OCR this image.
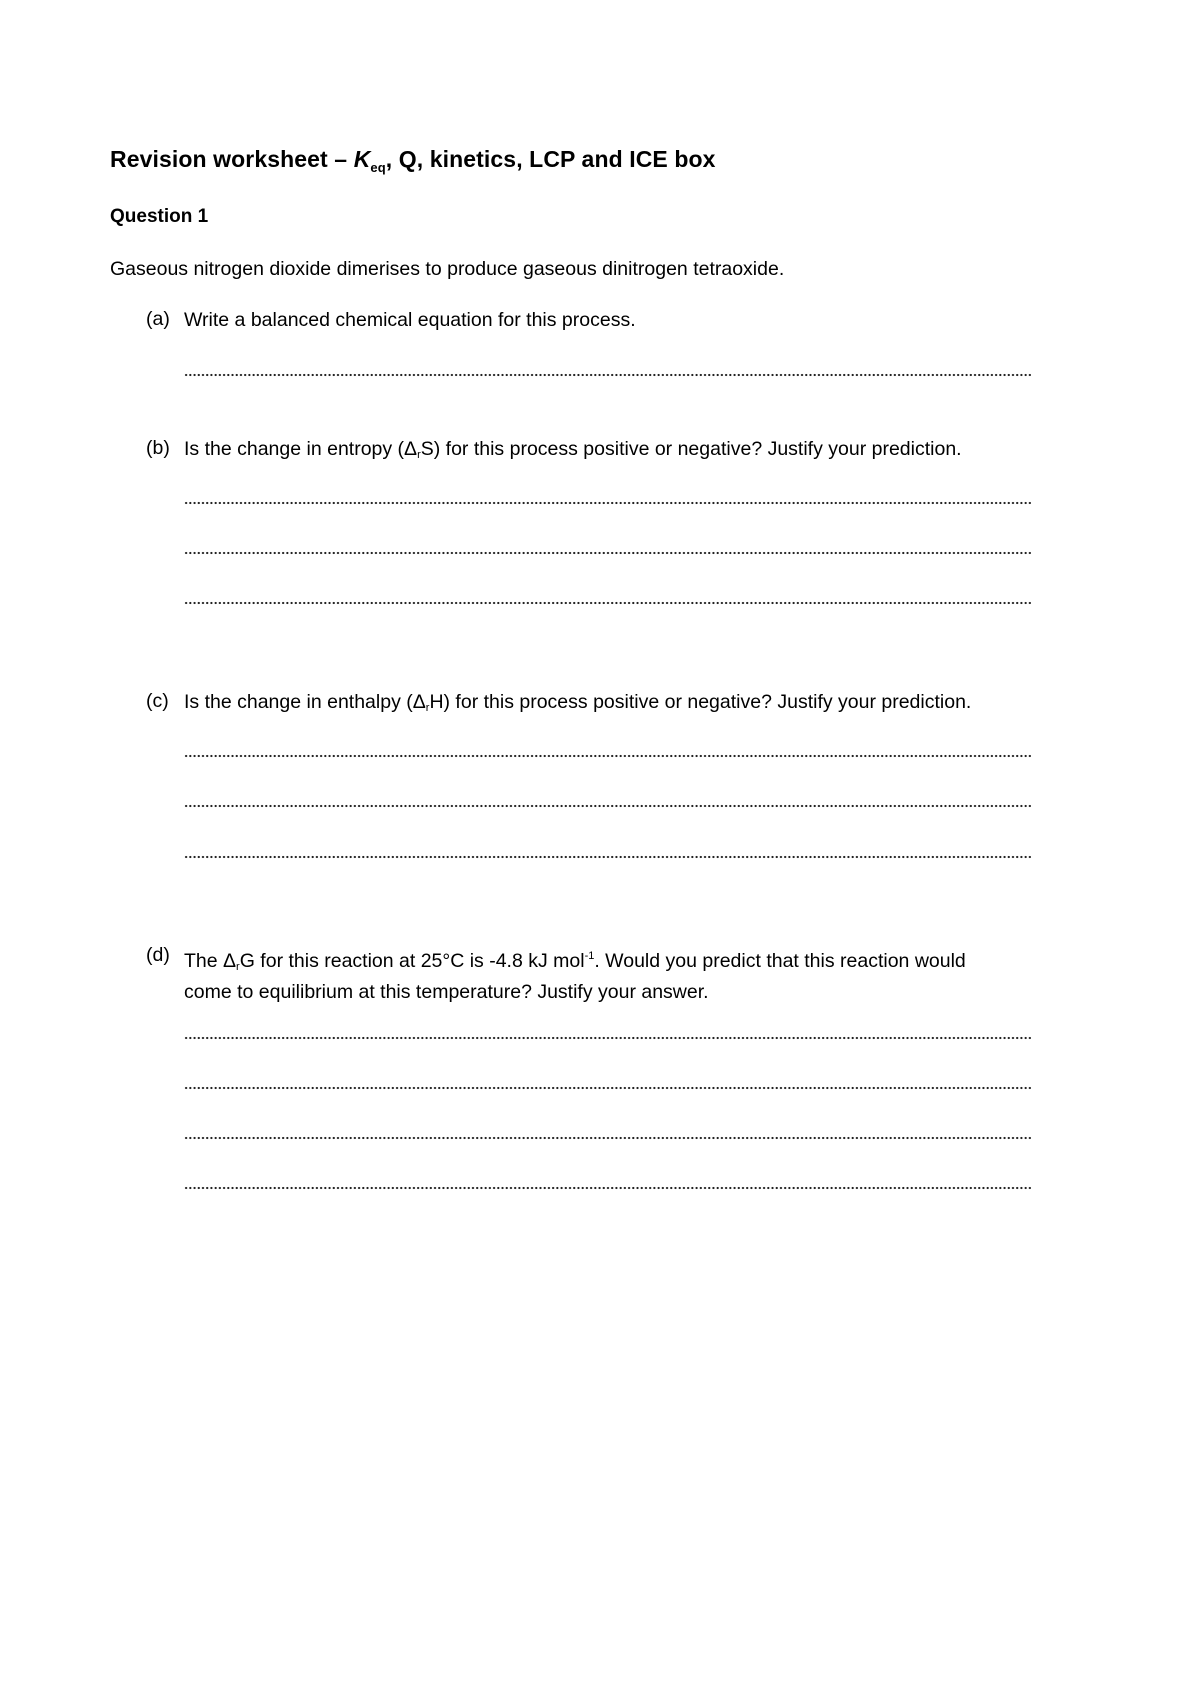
Revision worksheet – $K_{eq}$, Q, kinetics, LCP and ICE box
Question 1
Gaseous nitrogen dioxide dimerises to produce gaseous dinitrogen tetraoxide.
(a) Write a balanced chemical equation for this process.
(b) Is the change in entropy $(\Delta_rS)$ for this process positive or negative? Justify your prediction.
(c) Is the change in enthalpy $(\Delta_rH)$ for this process positive or negative? Justify your prediction.
(d) The $\Delta_rG$ for this reaction at 25°C is -4.8 kJ mol$^{-1}$. Would you predict that this reaction would
come to equilibrium at this temperature? Justify your answer.
